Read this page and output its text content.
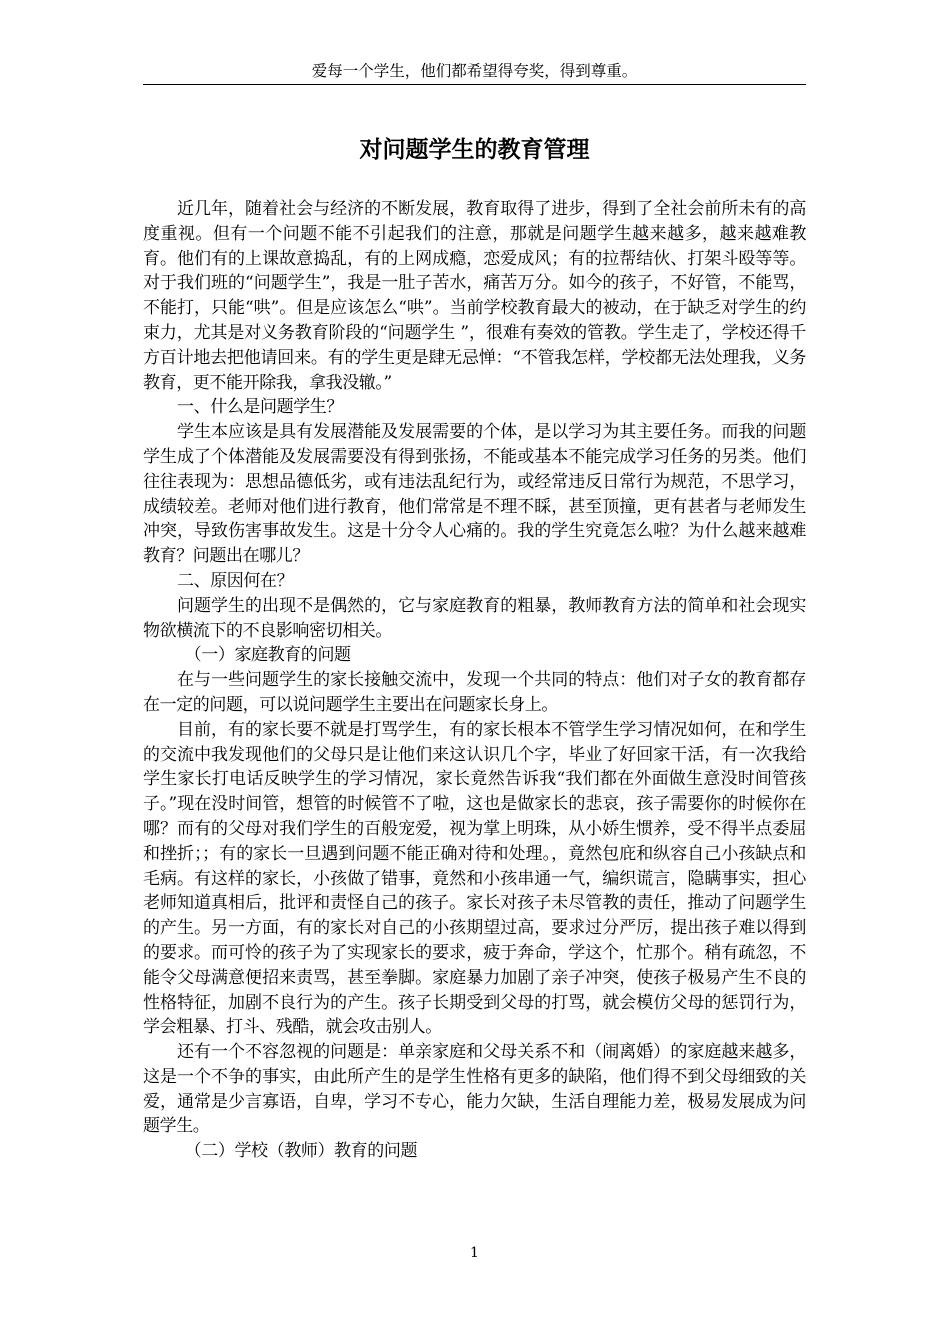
爱每一个学生，他们都希望得夸奖，得到尊重。
对问题学生的教育管理

近几年，随着社会与经济的不断发展，教育取得了进步，得到了全社会前所未有的高度重视。但有一个问题不能不引起我们的注意，那就是问题学生越来越多，越来越难教育。他们有的上课故意捣乱，有的上网成瘾，恋爱成风；有的拉帮结伙、打架斗殴等等。对于我们班的“问题学生”，我是一肚子苦水，痛苦万分。如今的孩子，不好管，不能骂，不能打，只能“哄”。但是应该怎么“哄”。当前学校教育最大的被动，在于缺乏对学生的约束力，尤其是对义务教育阶段的“问题学生 ”，很难有奏效的管教。学生走了，学校还得千方百计地去把他请回来。有的学生更是肆无忌惮：“不管我怎样，学校都无法处理我，义务教育，更不能开除我，拿我没辙。”

一、什么是问题学生？

学生本应该是具有发展潜能及发展需要的个体，是以学习为其主要任务。而我的问题学生成了个体潜能及发展需要没有得到张扬，不能或基本不能完成学习任务的另类。他们往往表现为：思想品德低劣，或有违法乱纪行为，或经常违反日常行为规范，不思学习，成绩较差。老师对他们进行教育，他们常常是不理不睬，甚至顶撞，更有甚者与老师发生冲突，导致伤害事故发生。这是十分令人心痛的。我的学生究竟怎么啦？为什么越来越难教育？问题出在哪儿？

二、原因何在？

问题学生的出现不是偶然的，它与家庭教育的粗暴，教师教育方法的简单和社会现实物欲横流下的不良影响密切相关。

（一）家庭教育的问题

在与一些问题学生的家长接触交流中，发现一个共同的特点：他们对子女的教育都存在一定的问题，可以说问题学生主要出在问题家长身上。

目前，有的家长要不就是打骂学生，有的家长根本不管学生学习情况如何，在和学生的交流中我发现他们的父母只是让他们来这认识几个字，毕业了好回家干活，有一次我给学生家长打电话反映学生的学习情况，家长竟然告诉我“我们都在外面做生意没时间管孩子。”现在没时间管，想管的时候管不了啦，这也是做家长的悲哀，孩子需要你的时候你在哪？而有的父母对我们学生的百般宠爱，视为掌上明珠，从小娇生惯养，受不得半点委屈和挫折；；有的家长一旦遇到问题不能正确对待和处理。，竟然包庇和纵容自己小孩缺点和毛病。有这样的家长，小孩做了错事，竟然和小孩串通一气，编织谎言，隐瞒事实，担心老师知道真相后，批评和责怪自己的孩子。家长对孩子未尽管教的责任，推动了问题学生的产生。另一方面，有的家长对自己的小孩期望过高，要求过分严厉，提出孩子难以得到的要求。而可怜的孩子为了实现家长的要求，疲于奔命，学这个，忙那个。稍有疏忽，不能令父母满意便招来责骂，甚至拳脚。家庭暴力加剧了亲子冲突，使孩子极易产生不良的性格特征，加剧不良行为的产生。孩子长期受到父母的打骂，就会模仿父母的惩罚行为，学会粗暴、打斗、残酷，就会攻击别人。

还有一个不容忽视的问题是：单亲家庭和父母关系不和（闹离婚）的家庭越来越多，这是一个不争的事实，由此所产生的是学生性格有更多的缺陷，他们得不到父母细致的关爱，通常是少言寡语，自卑，学习不专心，能力欠缺，生活自理能力差，极易发展成为问题学生。

（二）学校（教师）教育的问题

1
